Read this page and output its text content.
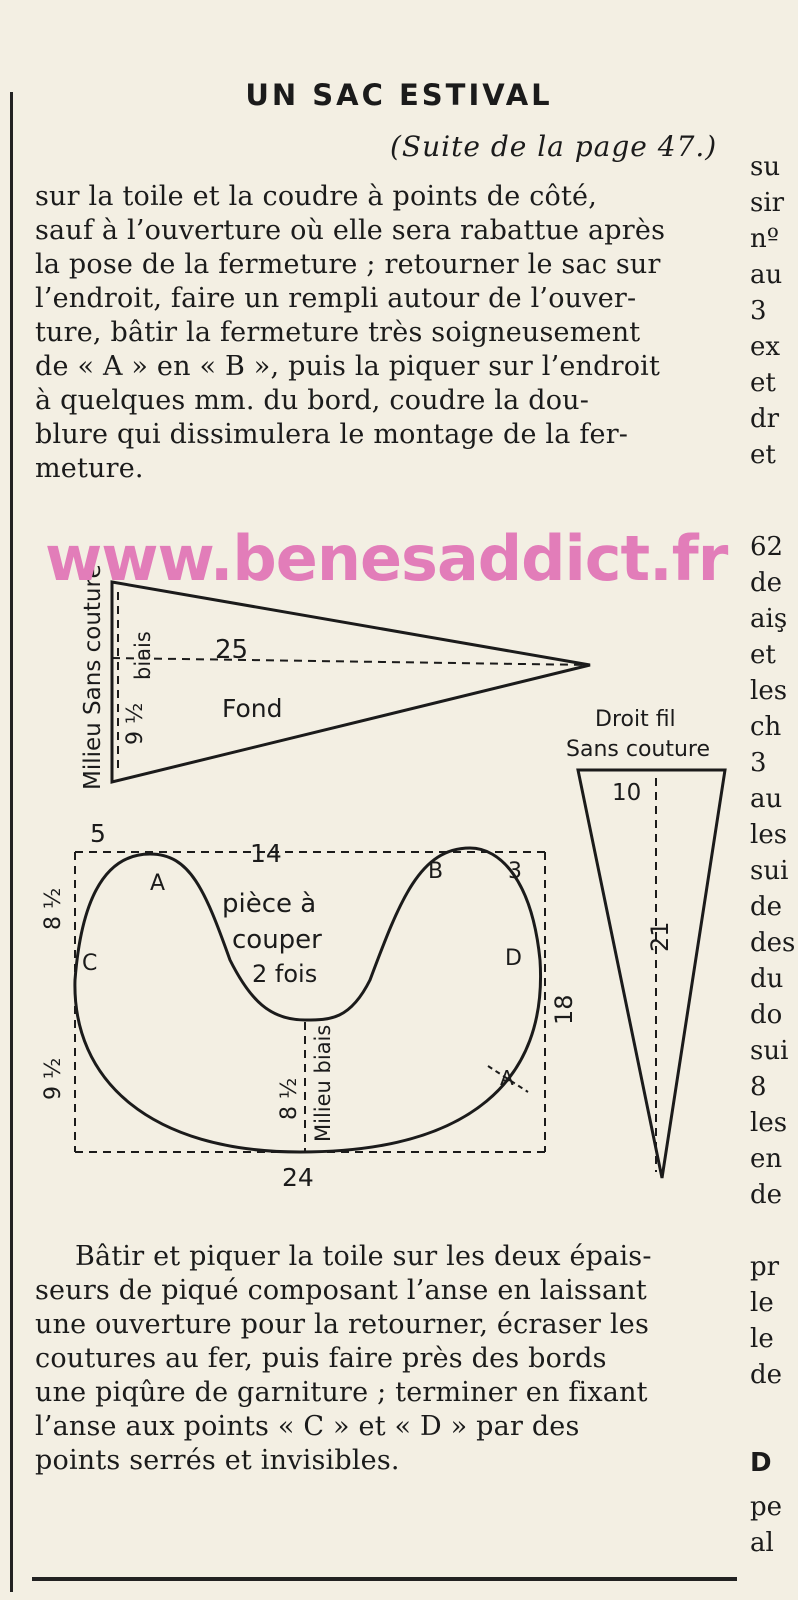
UN SAC ESTIVAL
(Suite de la page 47.)
sur la toile et la coudre à points de côté,
sauf à l’ouverture où elle sera rabattue après
la pose de la fermeture ; retourner le sac sur
l’endroit, faire un rempli autour de l’ouver-
ture, bâtir la fermeture très soigneusement
de « A » en « B », puis la piquer sur l’endroit
à quelques mm. du bord, coudre la dou-
blure qui dissimulera le montage de la fer-
meture.
Milieu Sans couture biais
9 ½
25
Fond	Droit fil
Sans couture
10
21
5
14
3
8 ½
9 ½
18
24
8 ½ Milieu biais
A	B
C	D
A
pièce à
couper
2 fois
www.benesaddict.fr
Bâtir et piquer la toile sur les deux épais-
seurs de piqué composant l’anse en laissant
une ouverture pour la retourner, écraser les
coutures au fer, puis faire près des bords
une piqûre de garniture ; terminer en fixant
l’anse aux points « C » et « D » par des
points serrés et invisibles.
su
sir
nº
au
3
ex
et
dr
et
62
de
aiş
et
les
ch
3
au
les
sui
de
des
du
do
sui
8
les
en
de
pr
le
le
de
D
pe
al
